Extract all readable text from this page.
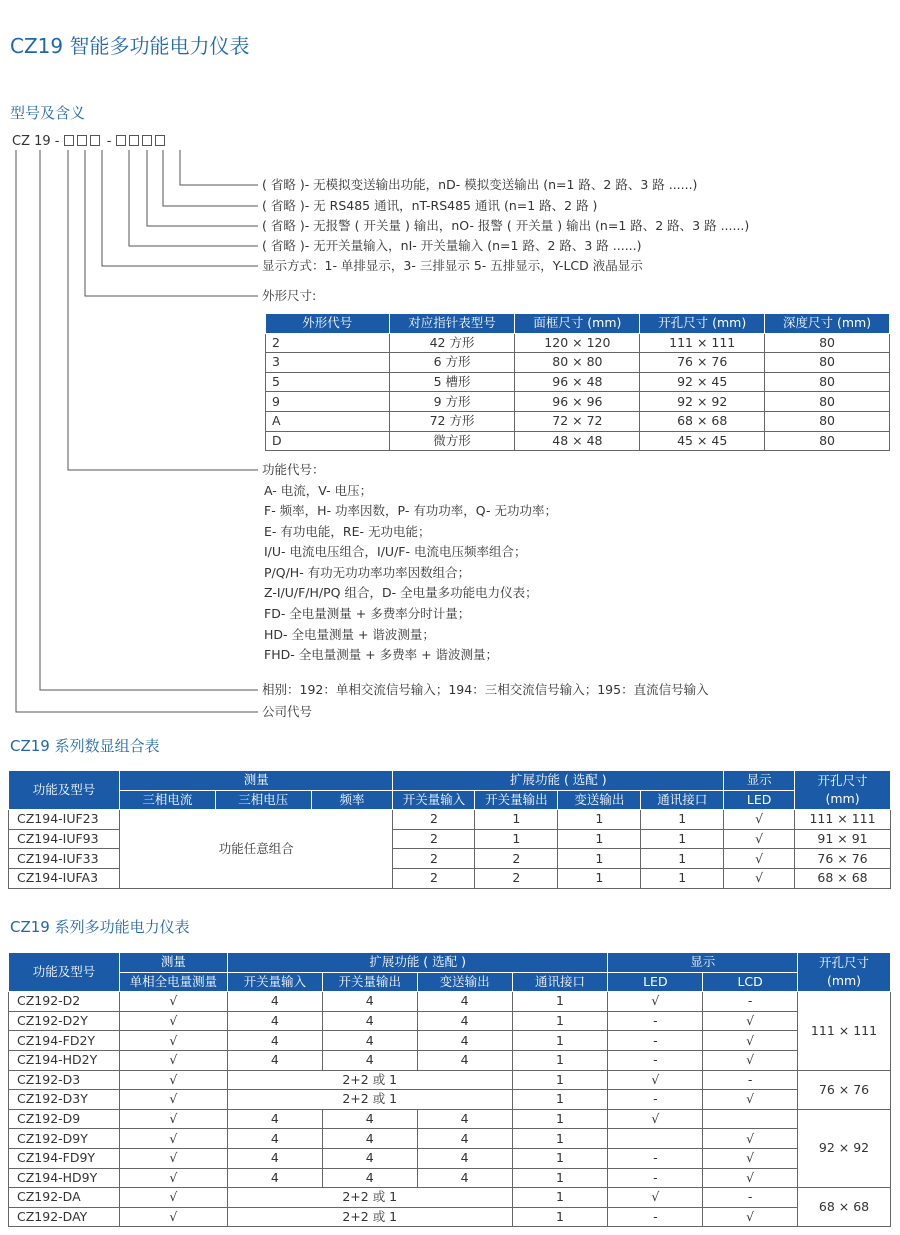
CZ19 智能多功能电力仪表
型号及含义
CZ 19 -	-
( 省略 )- 无模拟变送输出功能，nD- 模拟变送输出 (n=1 路、2 路、3 路 ......)
( 省略 )- 无 RS485 通讯，nT-RS485 通讯 (n=1 路、2 路 )
( 省略 )- 无报警 ( 开关量 ) 输出，nO- 报警 ( 开关量 ) 输出 (n=1 路、2 路、3 路 ......)
( 省略 )- 无开关量输入，nI- 开关量输入 (n=1 路、2 路、3 路 ......)
显示方式：1- 单排显示，3- 三排显示 5- 五排显示，Y-LCD 液晶显示
外形尺寸:
外形代号	对应指针表型号	面框尺寸 (mm)	开孔尺寸 (mm)	深度尺寸 (mm)
2	42 方形	120 × 120	111 × 111	80
3	6 方形	80 × 80	76 × 76	80
5	5 槽形	96 × 48	92 × 45	80
9	9 方形	96 × 96	92 × 92	80
A	72 方形	72 × 72	68 × 68	80
D	微方形	48 × 48	45 × 45	80
功能代号：
A- 电流，V- 电压；
F- 频率，H- 功率因数，P- 有功功率，Q- 无功功率；
E- 有功电能，RE- 无功电能；
I/U- 电流电压组合，I/U/F- 电流电压频率组合；
P/Q/H- 有功无功功率功率因数组合；
Z-I/U/F/H/PQ 组合，D- 全电量多功能电力仪表；
FD- 全电量测量 + 多费率分时计量；
HD- 全电量测量 + 谐波测量；
FHD- 全电量测量 + 多费率 + 谐波测量；
相别：192：单相交流信号输入；194：三相交流信号输入；195：直流信号输入
公司代号
CZ19 系列数显组合表
功能及型号	测量			扩展功能 ( 选配 )				显示	开孔尺寸
(mm)
	三相电流	三相电压	频率	开关量输入	开关量输出	变送输出	通讯接口	LED	
CZ194-IUF23	功能任意组合			2	1	1	1	√	111 × 111
CZ194-IUF93				2	1	1	1	√	91 × 91
CZ194-IUF33				2	2	1	1	√	76 × 76
CZ194-IUFA3				2	2	1	1	√	68 × 68
CZ19 系列多功能电力仪表
功能及型号	测量	扩展功能 ( 选配 )				显示		开孔尺寸
(mm)
	单相全电量测量	开关量输入	开关量输出	变送输出	通讯接口	LED	LCD	
CZ192-D2	√	4	4	4	1	√	-	111 × 111
CZ192-D2Y	√	4	4	4	1	-	√	
CZ194-FD2Y	√	4	4	4	1	-	√	
CZ194-HD2Y	√	4	4	4	1	-	√	
CZ192-D3	√	2+2 或 1			1	√	-	76 × 76
CZ192-D3Y	√	2+2 或 1			1	-	√	
CZ192-D9	√	4	4	4	1	√		92 × 92
CZ192-D9Y	√	4	4	4	1		√	
CZ194-FD9Y	√	4	4	4	1	-	√	
CZ194-HD9Y	√	4	4	4	1	-	√	
CZ192-DA	√	2+2 或 1			1	√	-	68 × 68
CZ192-DAY	√	2+2 或 1			1	-	√	
